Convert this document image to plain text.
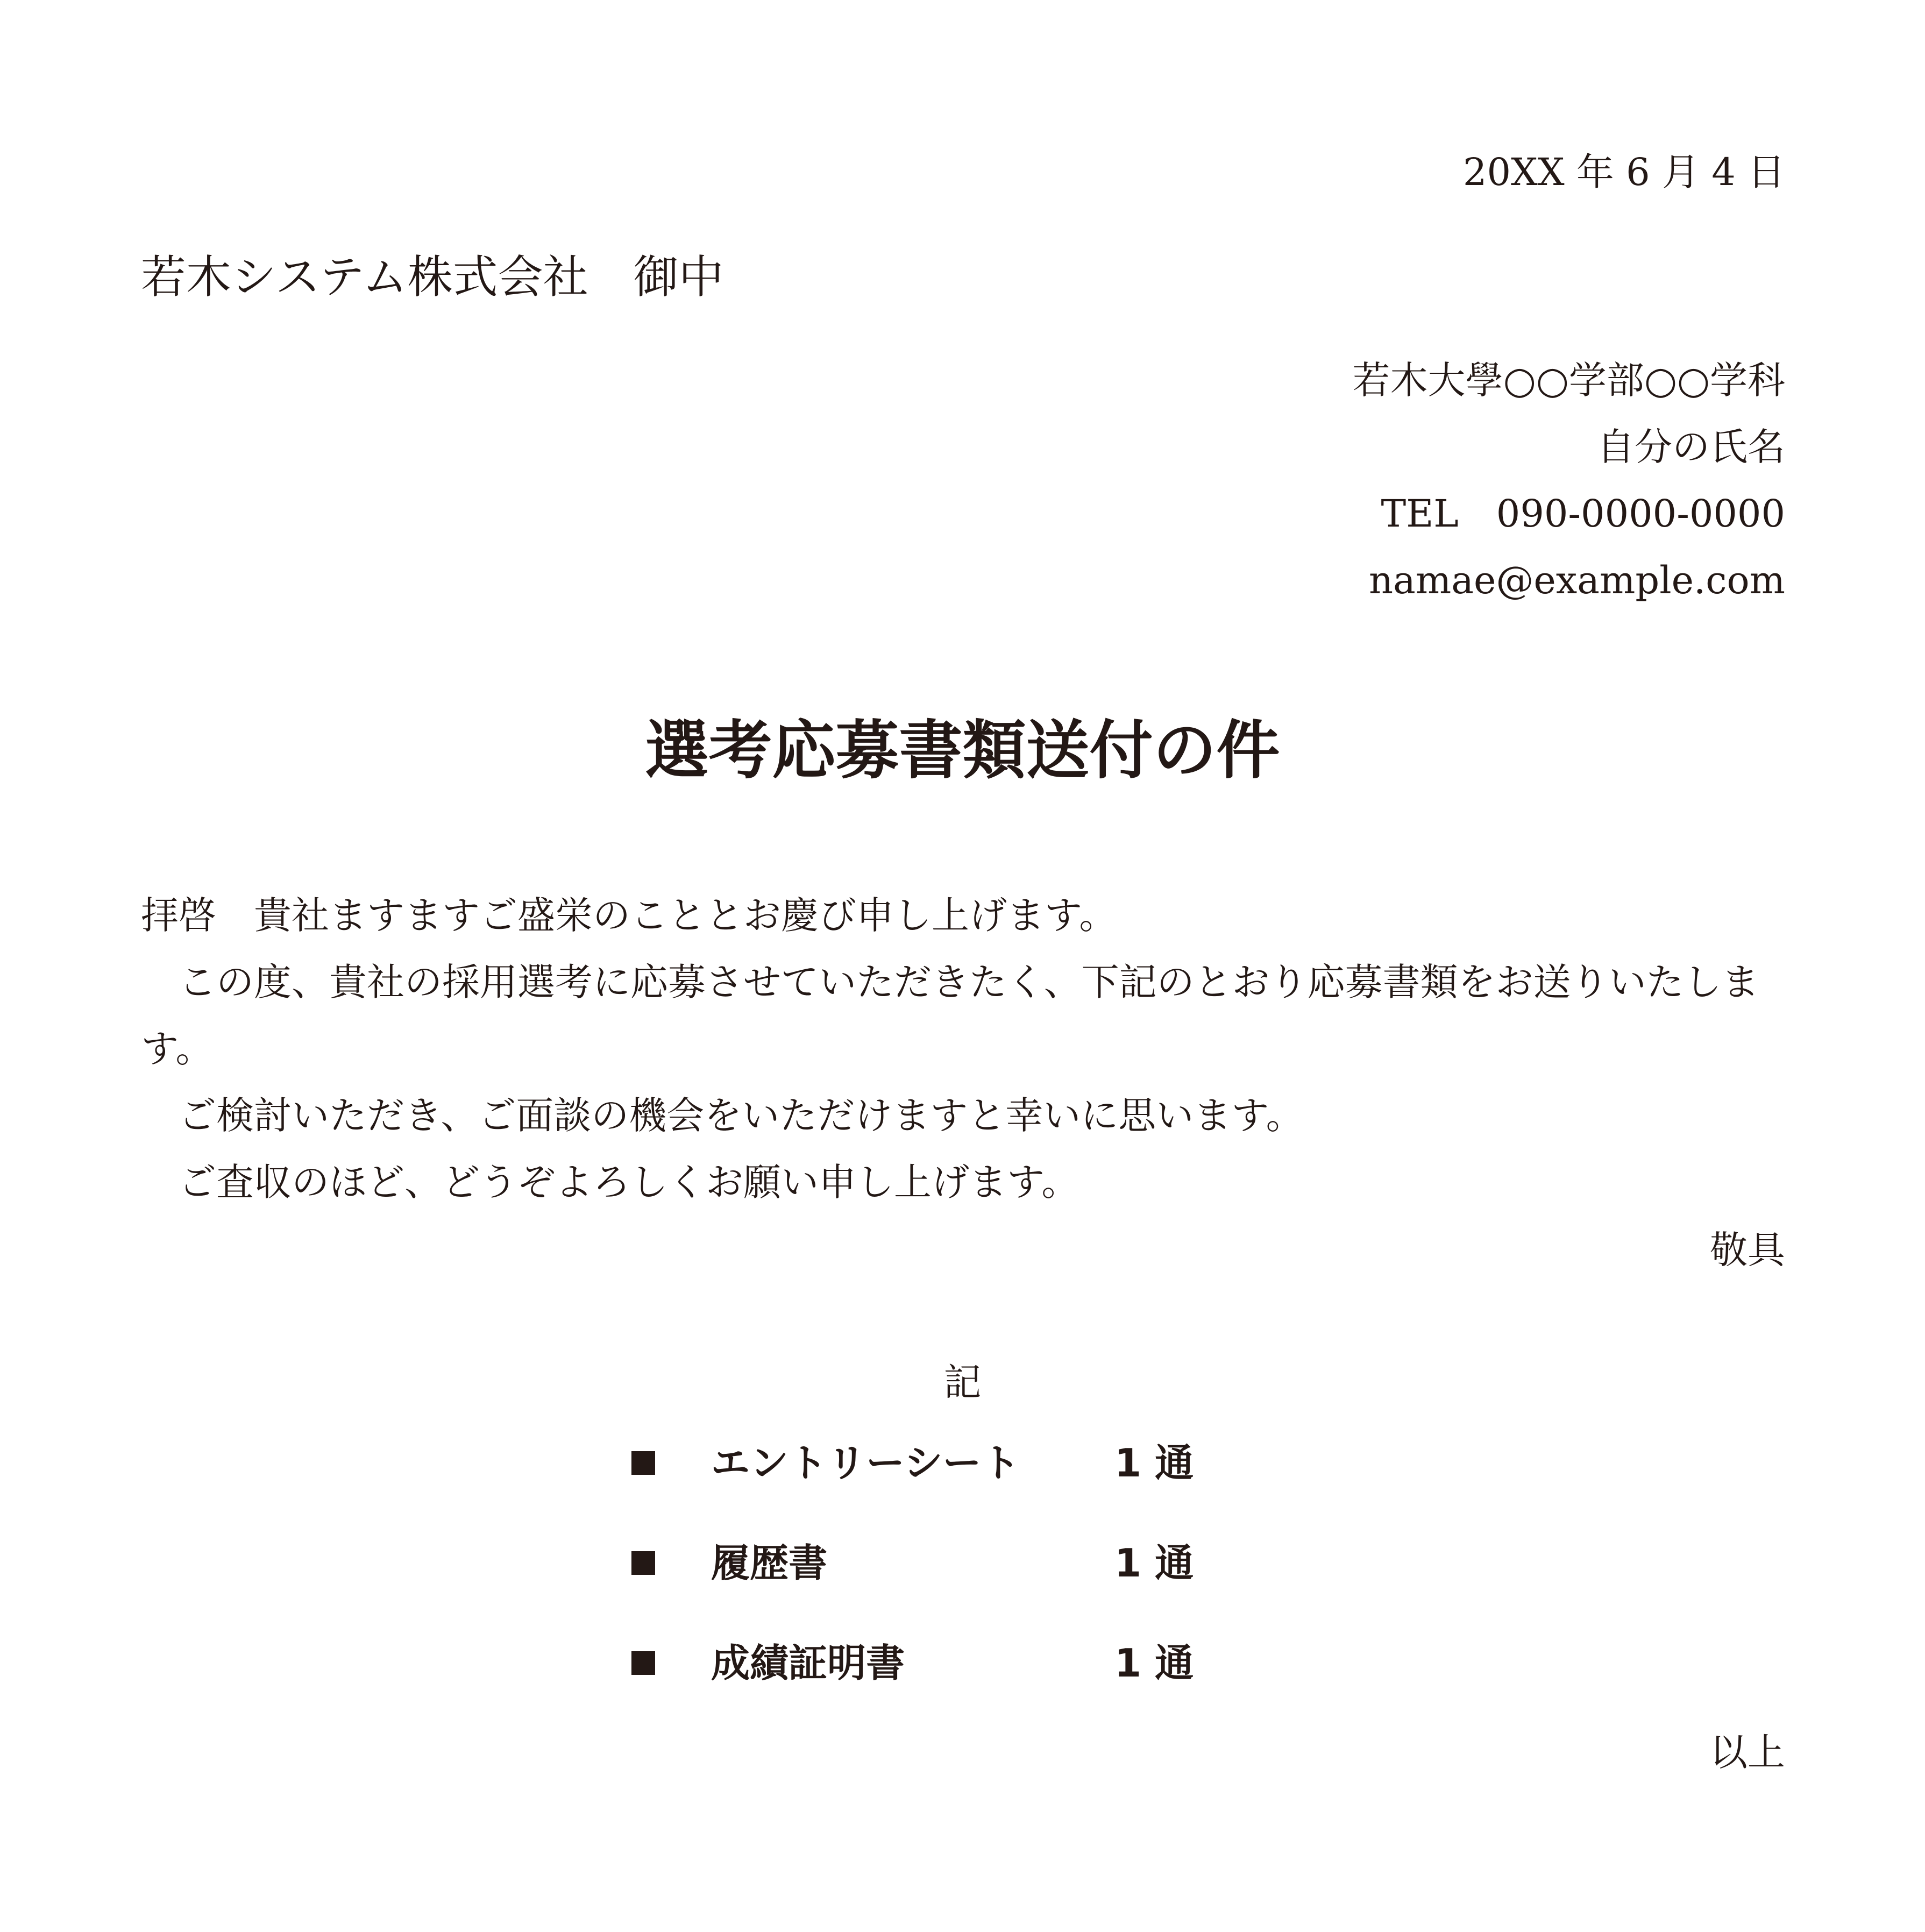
20XX 年 6 月 4 日
若木システム株式会社　御中
若木大學○○学部○○学科
自分の氏名
TEL　090-0000-0000
namae@example.com
選考応募書類送付の件

拝啓　貴社ますますご盛栄のこととお慶び申し上げます。

　この度、貴社の採用選考に応募させていただきたく、下記のとおり応募書類をお送りいたします。

　ご検討いただき、ご面談の機会をいただけますと幸いに思います。

　ご査収のほど、どうぞよろしくお願い申し上げます。

敬具
記
エントリーシート 1 通
履歴書	1 通
成績証明書	1 通
以上
